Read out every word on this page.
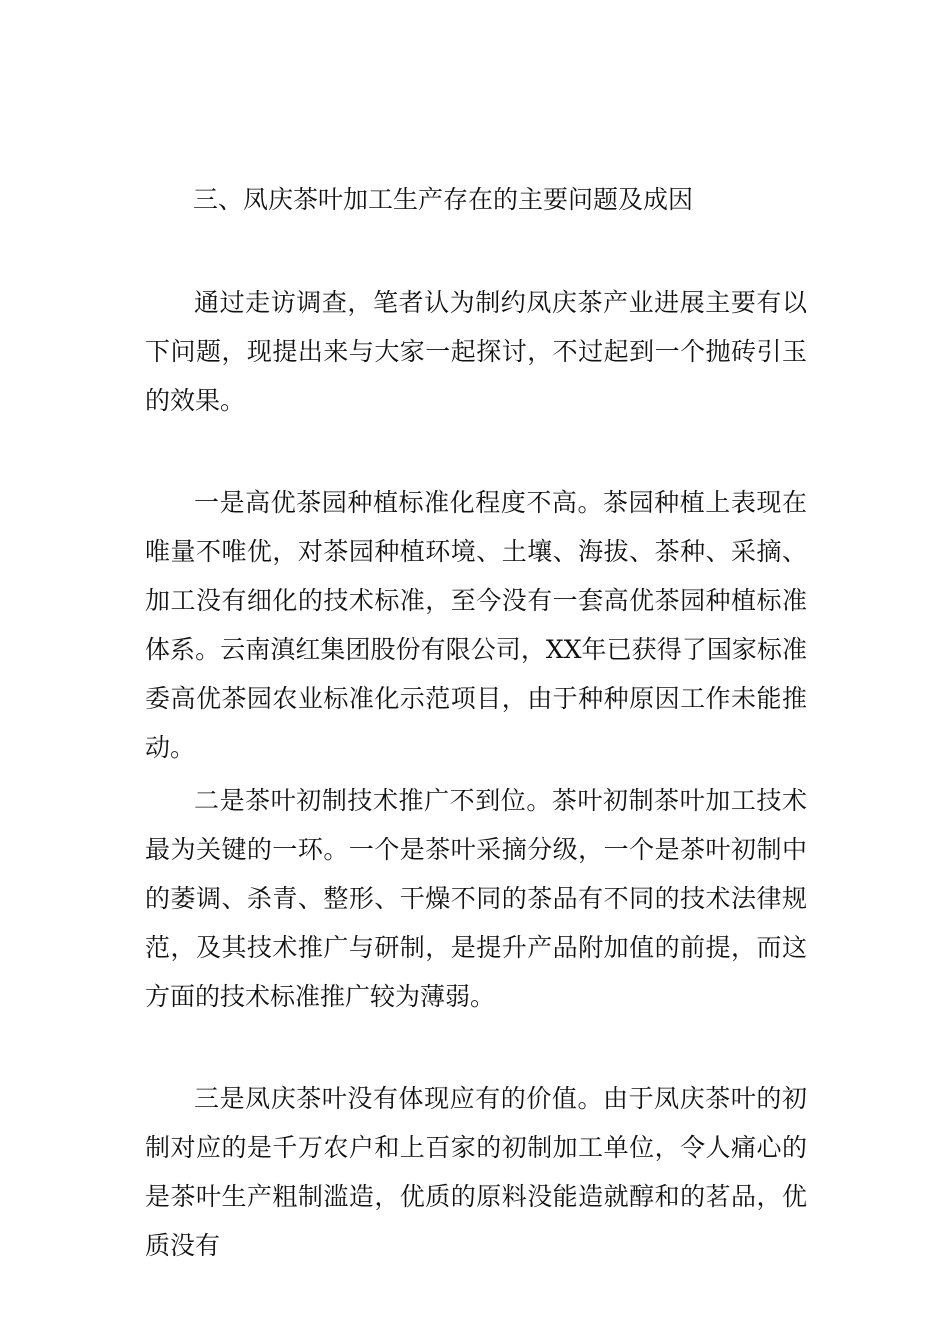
三、凤庆茶叶加工生产存在的主要问题及成因

通过走访调查，笔者认为制约凤庆茶产业进展主要有以下问题，现提出来与大家一起探讨，不过起到一个抛砖引玉的效果。

一是高优茶园种植标准化程度不高。茶园种植上表现在唯量不唯优，对茶园种植环境、土壤、海拔、茶种、采摘、加工没有细化的技术标准，至今没有一套高优茶园种植标准体系。云南滇红集团股份有限公司，XX年已获得了国家标准委高优茶园农业标准化示范项目，由于种种原因工作未能推动。

二是茶叶初制技术推广不到位。茶叶初制茶叶加工技术最为关键的一环。一个是茶叶采摘分级，一个是茶叶初制中的萎调、杀青、整形、干燥不同的茶品有不同的技术法律规范，及其技术推广与研制，是提升产品附加值的前提，而这方面的技术标准推广较为薄弱。

三是凤庆茶叶没有体现应有的价值。由于凤庆茶叶的初制对应的是千万农户和上百家的初制加工单位，令人痛心的是茶叶生产粗制滥造，优质的原料没能造就醇和的茗品，优质没有
